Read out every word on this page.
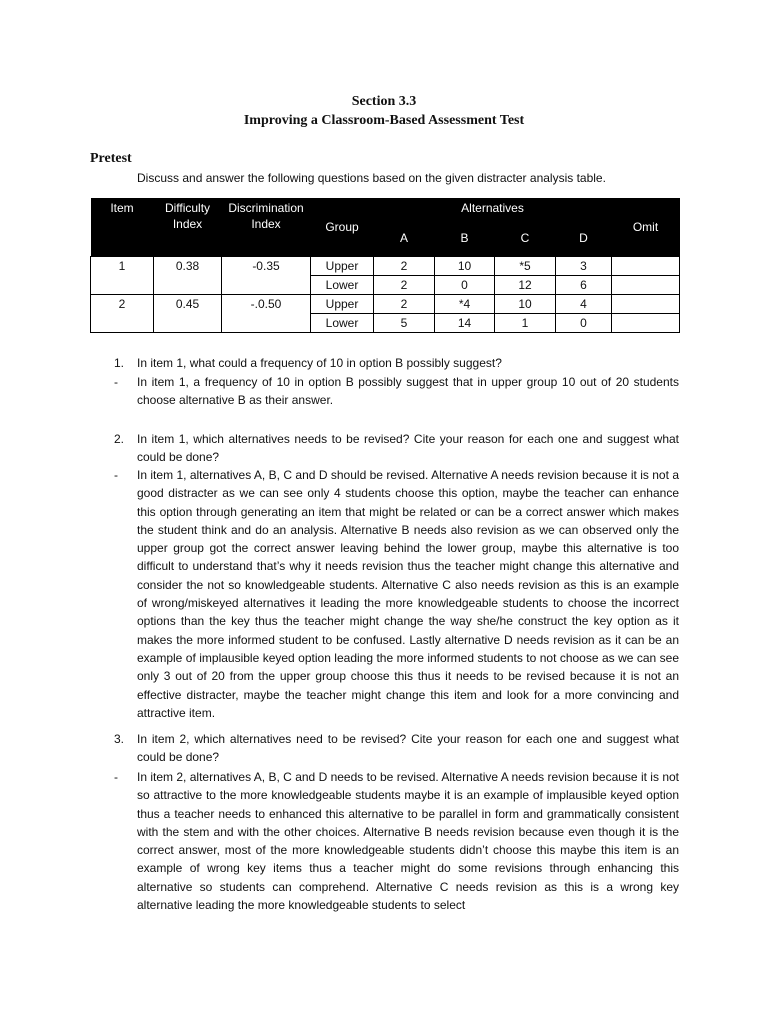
Section 3.3
Improving a Classroom-Based Assessment Test
Pretest
Discuss and answer the following questions based on the given distracter analysis table.
Item	Difficulty Index	Discrimination Index	Group	Alternatives				Omit
				A	B	C	D	
1	0.38	-0.35	Upper	2	10	*5	3	
			Lower	2	0	12	6	
2	0.45	-.0.50	Upper	2	*4	10	4	
			Lower	5	14	1	0	
1. In item 1, what could a frequency of 10 in option B possibly suggest?
- In item 1, a frequency of 10 in option B possibly suggest that in upper group 10 out of 20 students choose alternative B as their answer.
2. In item 1, which alternatives needs to be revised? Cite your reason for each one and suggest what could be done?
- In item 1, alternatives A, B, C and D should be revised. Alternative A needs revision because it is not a good distracter as we can see only 4 students choose this option, maybe the teacher can enhance this option through generating an item that might be related or can be a correct answer which makes the student think and do an analysis. Alternative B needs also revision as we can observed only the upper group got the correct answer leaving behind the lower group, maybe this alternative is too difficult to understand that’s why it needs revision thus the teacher might change this alternative and consider the not so knowledgeable students. Alternative C also needs revision as this is an example of wrong/miskeyed alternatives it leading the more knowledgeable students to choose the incorrect options than the key thus the teacher might change the way she/he construct the key option as it makes the more informed student to be confused. Lastly alternative D needs revision as it can be an example of implausible keyed option leading the more informed students to not choose as we can see only 3 out of 20 from the upper group choose this thus it needs to be revised because it is not an effective distracter, maybe the teacher might change this item and look for a more convincing and attractive item.
3. In item 2, which alternatives need to be revised? Cite your reason for each one and suggest what could be done?
- In item 2, alternatives A, B, C and D needs to be revised. Alternative A needs revision because it is not so attractive to the more knowledgeable students maybe it is an example of implausible keyed option thus a teacher needs to enhanced this alternative to be parallel in form and grammatically consistent with the stem and with the other choices. Alternative B needs revision because even though it is the correct answer, most of the more knowledgeable students didn’t choose this maybe this item is an example of wrong key items thus a teacher might do some revisions through enhancing this alternative so students can comprehend. Alternative C needs revision as this is a wrong key alternative leading the more knowledgeable students to select
